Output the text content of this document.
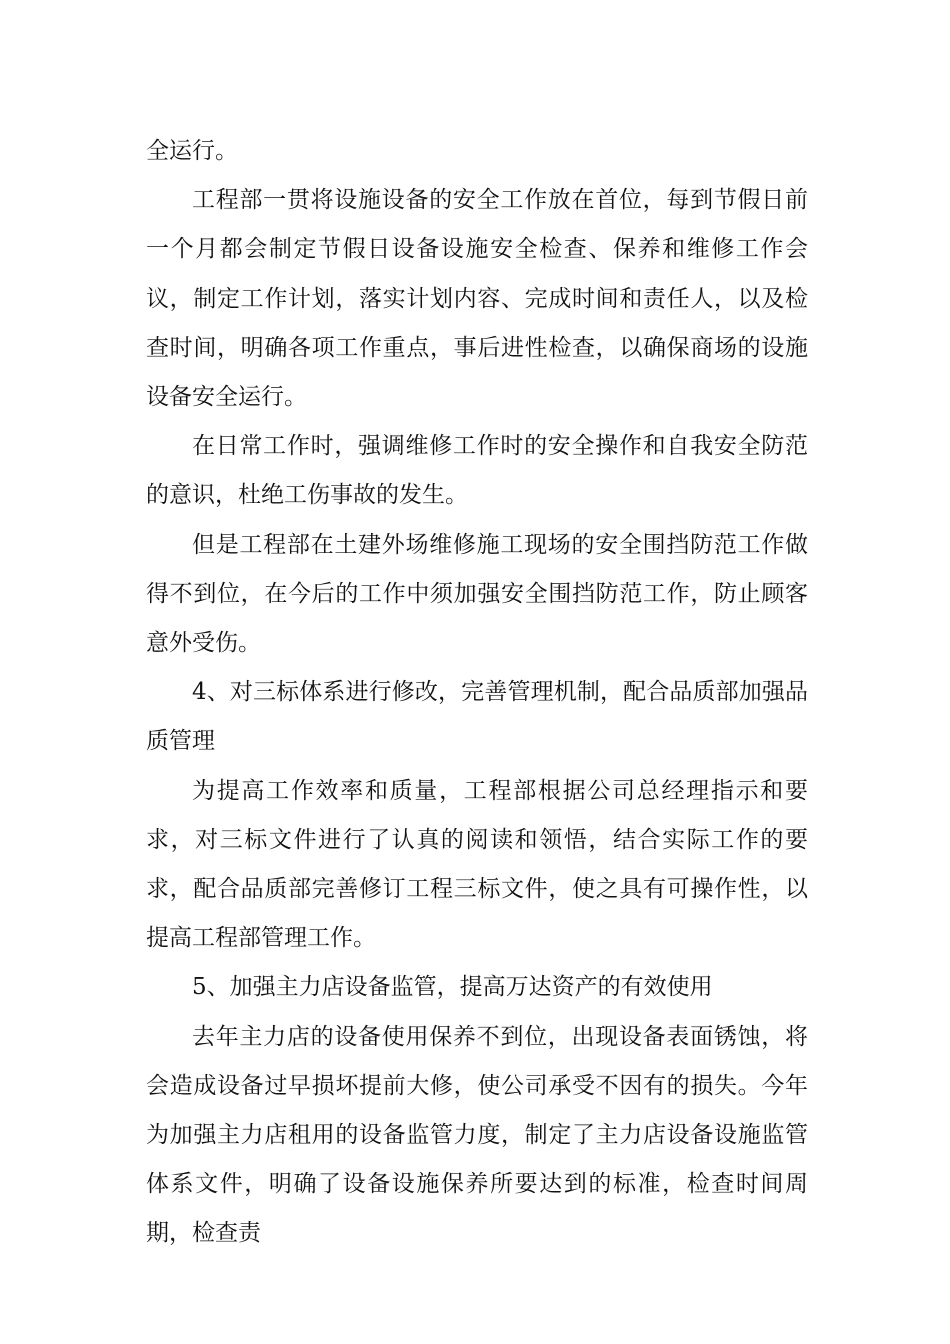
全运行。

工程部一贯将设施设备的安全工作放在首位，每到节假日前一个月都会制定节假日设备设施安全检查、保养和维修工作会议，制定工作计划，落实计划内容、完成时间和责任人，以及检查时间，明确各项工作重点，事后进性检查，以确保商场的设施设备安全运行。

在日常工作时，强调维修工作时的安全操作和自我安全防范的意识，杜绝工伤事故的发生。

但是工程部在土建外场维修施工现场的安全围挡防范工作做得不到位，在今后的工作中须加强安全围挡防范工作，防止顾客意外受伤。

4、对三标体系进行修改，完善管理机制，配合品质部加强品质管理

为提高工作效率和质量，工程部根据公司总经理指示和要求，对三标文件进行了认真的阅读和领悟，结合实际工作的要求，配合品质部完善修订工程三标文件，使之具有可操作性，以提高工程部管理工作。

5、加强主力店设备监管，提高万达资产的有效使用

去年主力店的设备使用保养不到位，出现设备表面锈蚀，将会造成设备过早损坏提前大修，使公司承受不因有的损失。今年为加强主力店租用的设备监管力度，制定了主力店设备设施监管体系文件，明确了设备设施保养所要达到的标准，检查时间周期，检查责
